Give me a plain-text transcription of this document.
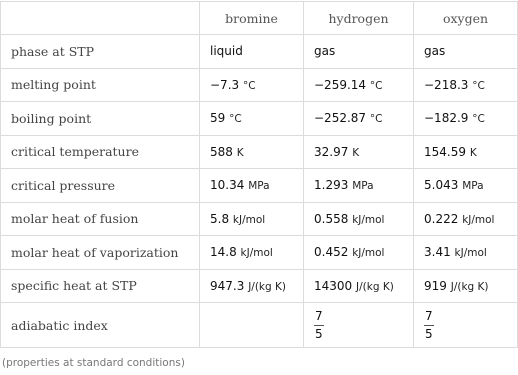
	bromine	hydrogen	oxygen
phase at STP	liquid	gas	gas
melting point	−7.3 °C	−259.14 °C	−218.3 °C
boiling point	59 °C	−252.87 °C	−182.9 °C
critical temperature	588 K	32.97 K	154.59 K
critical pressure	10.34 MPa	1.293 MPa	5.043 MPa
molar heat of fusion	5.8 kJ/mol	0.558 kJ/mol	0.222 kJ/mol
molar heat of vaporization	14.8 kJ/mol	0.452 kJ/mol	3.41 kJ/mol
specific heat at STP	947.3 J/(kg K)	14300 J/(kg K)	919 J/(kg K)
adiabatic index		$\frac{7}{5}$	$\frac{7}{5}$
(properties at standard conditions)
